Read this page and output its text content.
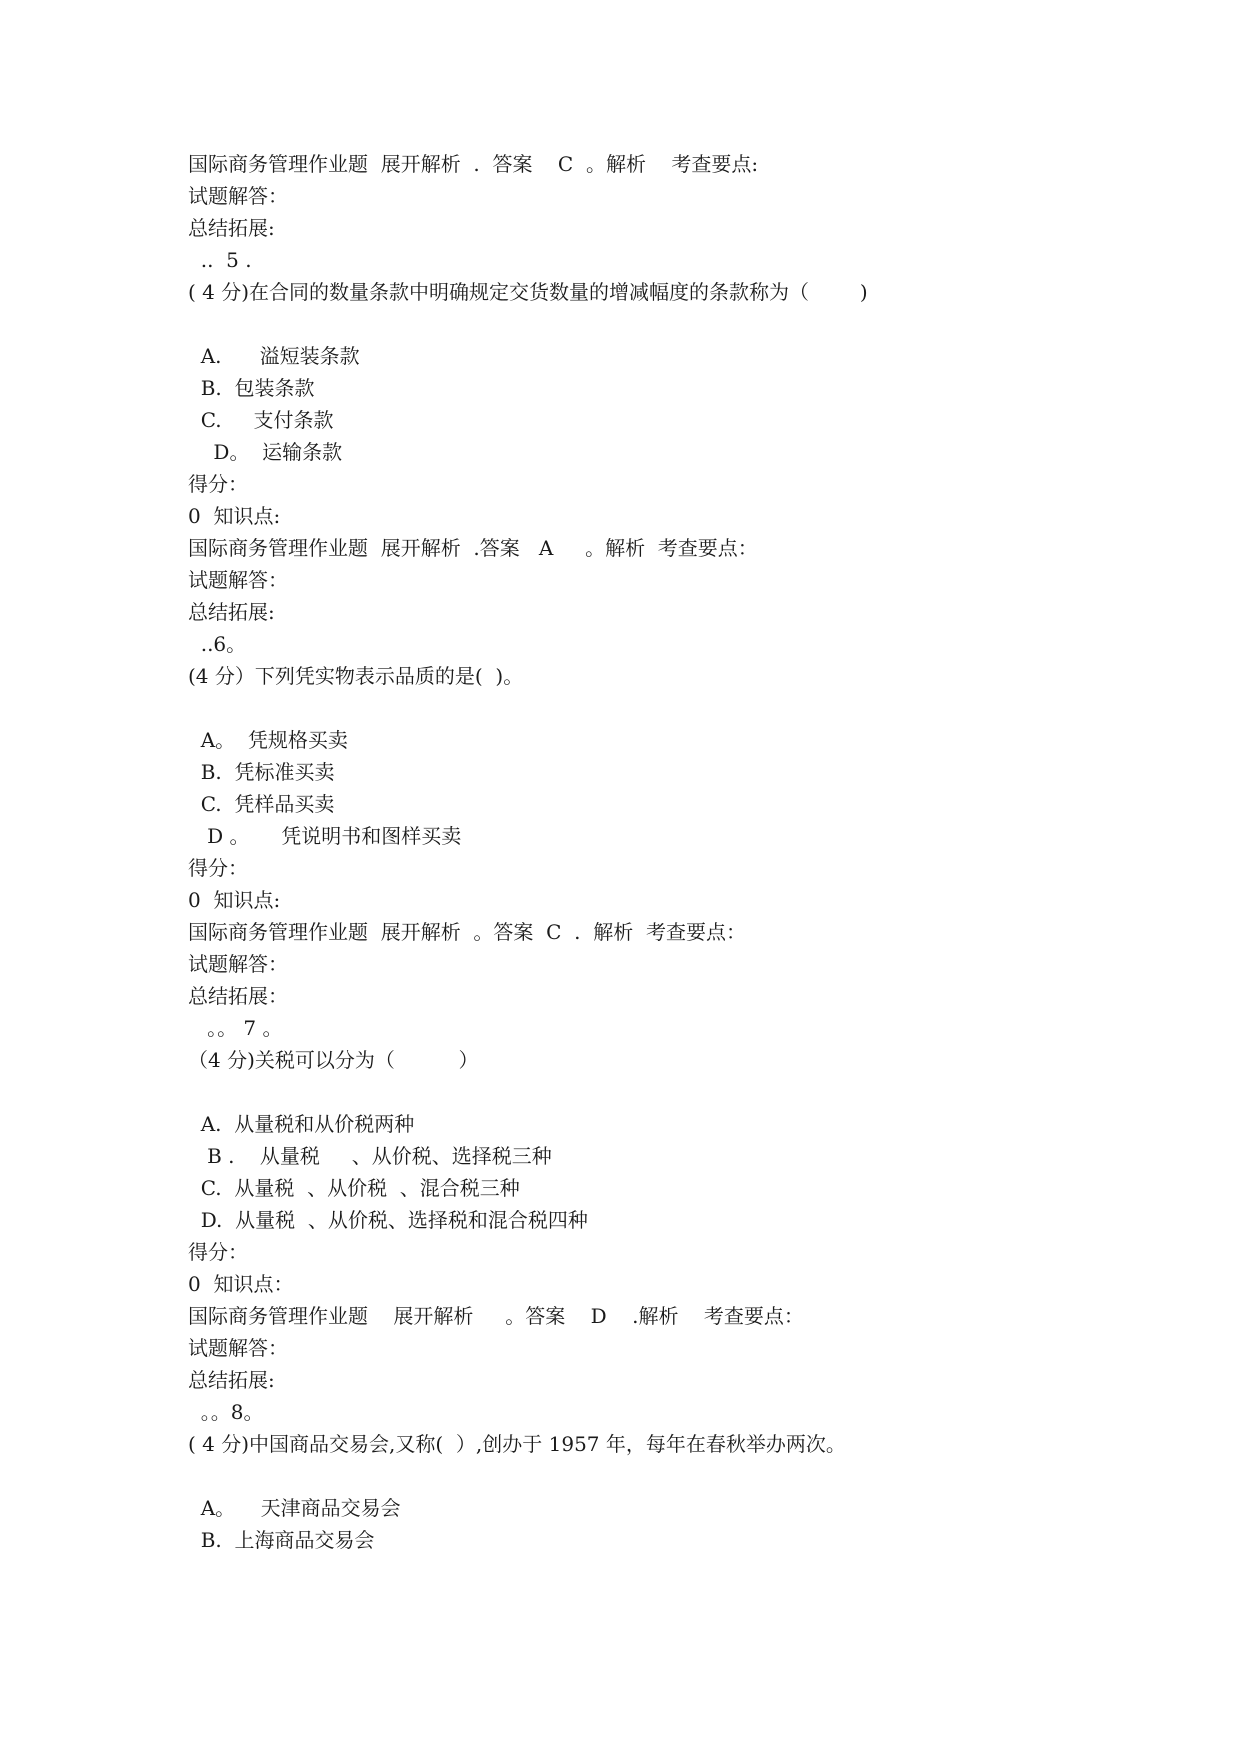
国际商务管理作业题  展开解析  .  答案    C  。解析    考查要点:
试题解答：
总结拓展:
..  5 .
( 4 分)在合同的数量条款中明确规定交货数量的增减幅度的条款称为（        )
A.      溢短装条款
B.  包装条款
C.     支付条款
D。  运输条款
得分：
0  知识点:
国际商务管理作业题  展开解析  .答案   A     。解析  考查要点：
试题解答：
总结拓展:
..6。
(4 分）下列凭实物表示品质的是(  )。
A。  凭规格买卖
B.  凭标准买卖
C.  凭样品买卖
D 。     凭说明书和图样买卖
得分：
0  知识点:
国际商务管理作业题  展开解析  。答案  C  .  解析  考查要点：
试题解答：
总结拓展：
。。 7 。
（4 分)关税可以分为（          ）
A.  从量税和从价税两种
B .    从量税     、从价税、选择税三种
C.  从量税  、从价税  、混合税三种
D.  从量税  、从价税、选择税和混合税四种
得分：
0  知识点：
国际商务管理作业题    展开解析     。答案    D    .解析    考查要点：
试题解答：
总结拓展:
。。8。
( 4 分)中国商品交易会,又称(  ）,创办于 1957 年，每年在春秋举办两次。
A。    天津商品交易会
B.  上海商品交易会
